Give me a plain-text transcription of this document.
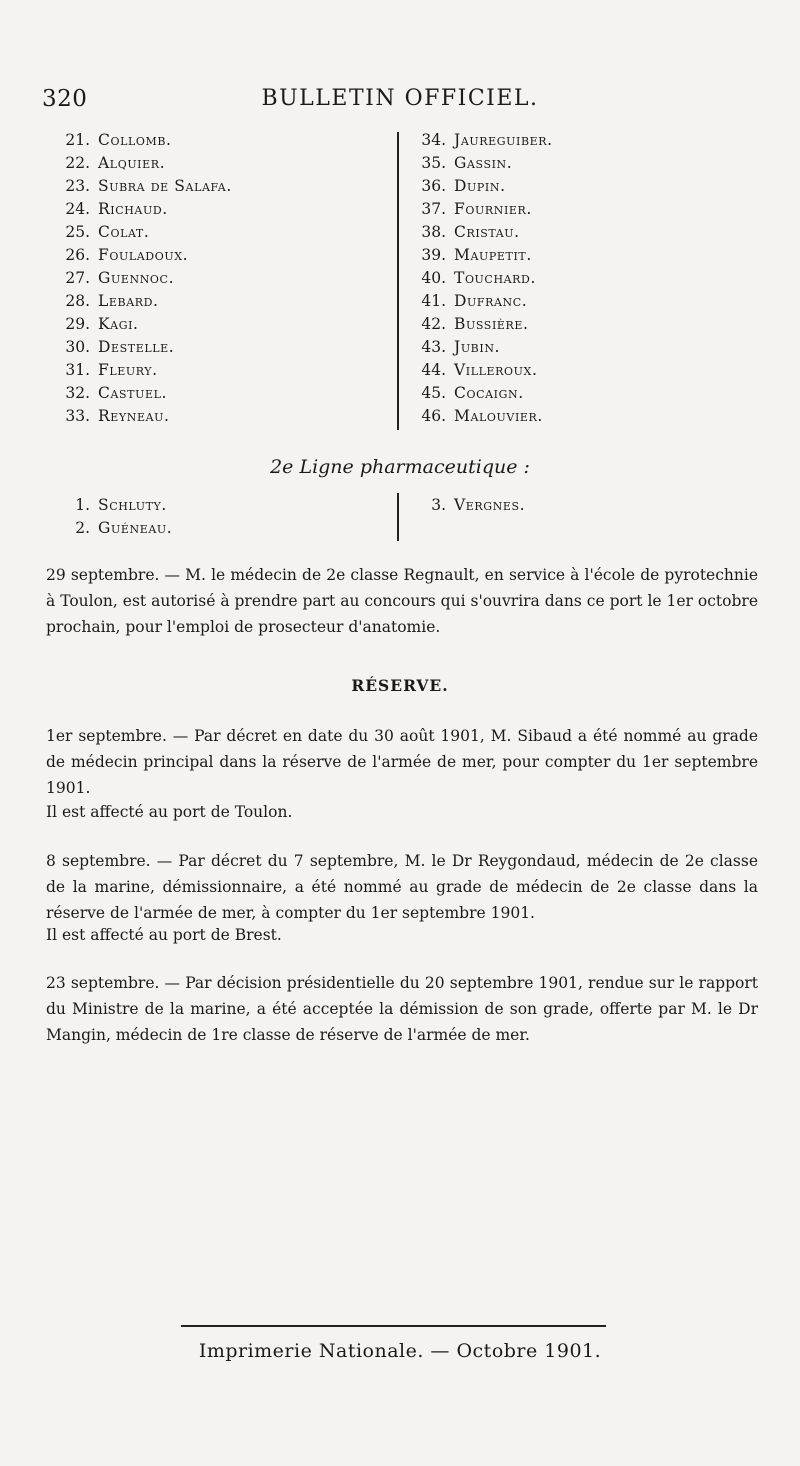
320	BULLETIN OFFICIEL.
21. Collomb.
22. Alquier.
23. Subra de Salafa.
24. Richaud.
25. Colat.
26. Fouladoux.
27. Guennoc.
28. Lebard.
29. Kagi.
30. Destelle.
31. Fleury.
32. Castuel.
33. Reyneau.
34. Jaureguiber.
35. Gassin.
36. Dupin.
37. Fournier.
38. Cristau.
39. Maupetit.
40. Touchard.
41. Dufranc.
42. Bussière.
43. Jubin.
44. Villeroux.
45. Cocaign.
46. Malouvier.
2e Ligne pharmaceutique :
1. Schluty.
2. Guéneau.
3. Vergnes.
29 septembre. — M. le médecin de 2e classe Regnault, en service à l'école de pyrotechnie à Toulon, est autorisé à prendre part au concours qui s'ouvrira dans ce port le 1er octobre prochain, pour l'emploi de prosecteur d'anatomie.
RÉSERVE.
1er septembre. — Par décret en date du 30 août 1901, M. Sibaud a été nommé au grade de médecin principal dans la réserve de l'armée de mer, pour compter du 1er septembre 1901.
Il est affecté au port de Toulon.
8 septembre. — Par décret du 7 septembre, M. le Dr Reygondaud, médecin de 2e classe de la marine, démissionnaire, a été nommé au grade de médecin de 2e classe dans la réserve de l'armée de mer, à compter du 1er septembre 1901.
Il est affecté au port de Brest.
23 septembre. — Par décision présidentielle du 20 septembre 1901, rendue sur le rapport du Ministre de la marine, a été acceptée la démission de son grade, offerte par M. le Dr Mangin, médecin de 1re classe de réserve de l'armée de mer.
Imprimerie Nationale. — Octobre 1901.
